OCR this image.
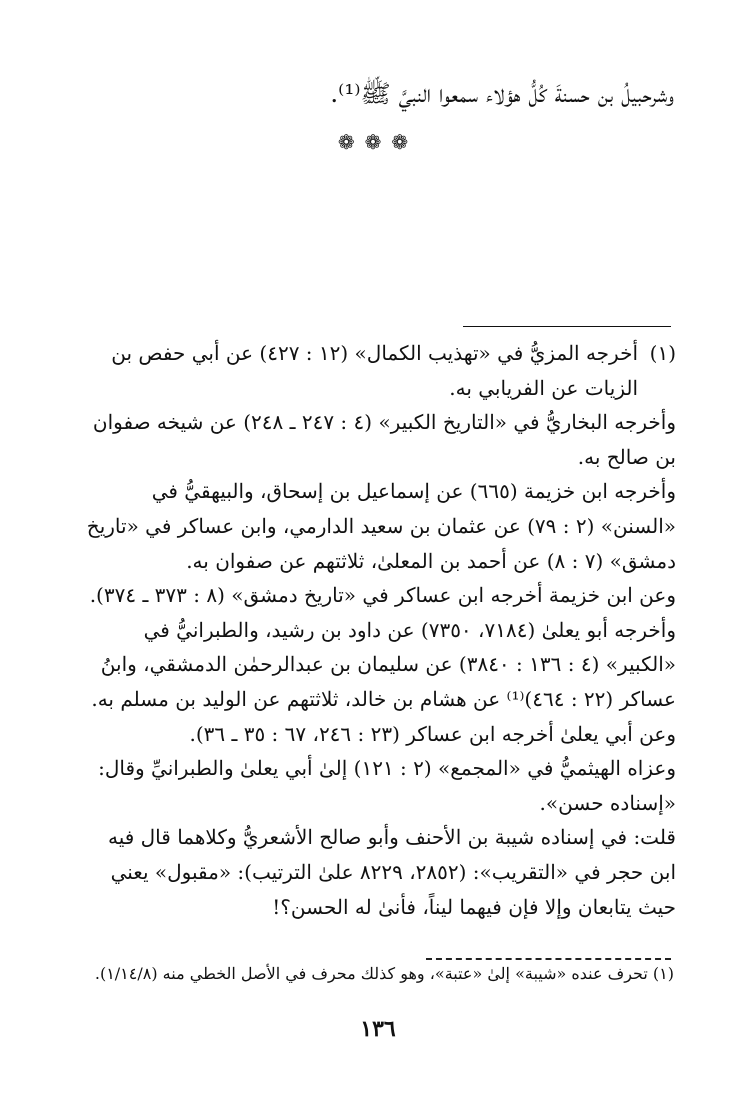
وشرحبيلُ بن حسنةَ كُلُّ هؤلاء سمعوا النبيَّ ﷺ⁽¹⁾.
❁❁❁

(١)
أخرجه المزيُّ في «تهذيب الكمال» (١٢ : ٤٢٧) عن أبي حفص بن الزيات عن الفريابي به.

وأخرجه البخاريُّ في «التاريخ الكبير» (٤ : ٢٤٧ ـ ٢٤٨) عن شيخه صفوان بن صالح به.

وأخرجه ابن خزيمة (٦٦٥) عن إسماعيل بن إسحاق، والبيهقيُّ في «السنن» (٢ : ٧٩) عن عثمان بن سعيد الدارمي، وابن عساكر في «تاريخ دمشق» (٧ : ٨) عن أحمد بن المعلىٰ، ثلاثتهم عن صفوان به.

وعن ابن خزيمة أخرجه ابن عساكر في «تاريخ دمشق» (٨ : ٣٧٣ ـ ٣٧٤).

وأخرجه أبو يعلىٰ (٧١٨٤، ٧٣٥٠) عن داود بن رشيد، والطبرانيُّ في «الكبير» (٤ : ١٣٦ : ٣٨٤٠) عن سليمان بن عبدالرحمٰن الدمشقي، وابنُ عساكر (٢٢ : ٤٦٤)⁽¹⁾ عن هشام بن خالد، ثلاثتهم عن الوليد بن مسلم به.

وعن أبي يعلىٰ أخرجه ابن عساكر (٢٣ : ٢٤٦، ٦٧ : ٣٥ ـ ٣٦).

وعزاه الهيثميُّ في «المجمع» (٢ : ١٢١) إلىٰ أبي يعلىٰ والطبرانيِّ وقال: «إسناده حسن».

قلت: في إسناده شيبة بن الأحنف وأبو صالح الأشعريُّ وكلاهما قال فيه ابن حجر في «التقريب»: (٢٨٥٢، ٨٢٢٩ علىٰ الترتيب): «مقبول» يعني حيث يتابعان وإلا فإن فيهما ليناً، فأنىٰ له الحسن؟!

(١) تحرف عنده «شيبة» إلىٰ «عتبة»، وهو كذلك محرف في الأصل الخطي منه (١/١٤/٨).
١٣٦
